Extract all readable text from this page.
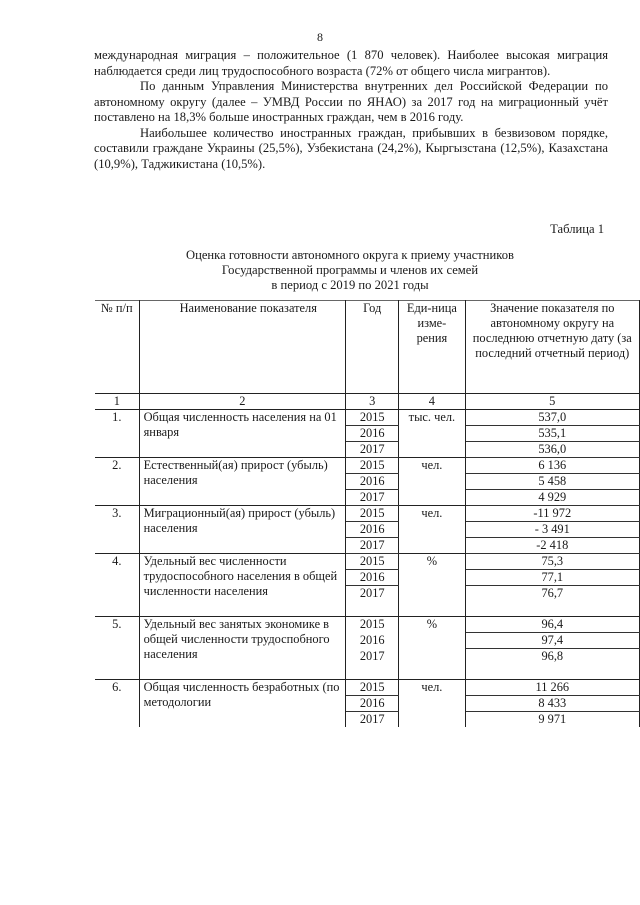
8

международная миграция – положительное (1 870 человек). Наиболее высокая миграция наблюдается среди лиц трудоспособного возраста (72% от общего числа мигрантов).

По данным Управления Министерства внутренних дел Российской Федерации по автономному округу (далее – УМВД России по ЯНАО) за 2017 год на миграционный учёт поставлено на 18,3% больше иностранных граждан, чем в 2016 году.

Наибольшее количество иностранных граждан, прибывших в безвизовом порядке, составили граждане Украины (25,5%), Узбекистана (24,2%), Кыргызстана (12,5%), Казахстана (10,9%), Таджикистана (10,5%).

Таблица 1
Оценка готовности автономного округа к приему участников
Государственной программы и членов их семей
в период с 2019 по 2021 годы
№ п/п	Наименование показателя	Год	Еди-ница изме-рения	Значение показателя по автономному округу на последнюю отчетную дату (за последний отчетный период)
1	2	3	4	5
1.	Общая численность населения на 01 января	2015	тыс. чел.	537,0
		2016		535,1
		2017		536,0
2.	Естественный(ая) прирост (убыль) населения	2015	чел.	6 136
		2016		5 458
		2017		4 929
3.	Миграционный(ая) прирост (убыль) населения	2015	чел.	-11 972
		2016		- 3 491
		2017		-2 418
4.	Удельный вес численности трудоспособного населения в общей численности населения	2015	%	75,3
		2016		77,1
		2017		76,7

5.	Удельный вес занятых экономике в общей численности трудоспобного населения	2015	%	96,4
		2016		97,4
		2017		96,8

6.	Общая численность безработных (по методологии	2015	чел.	11 266
		2016		8 433
		2017		9 971
